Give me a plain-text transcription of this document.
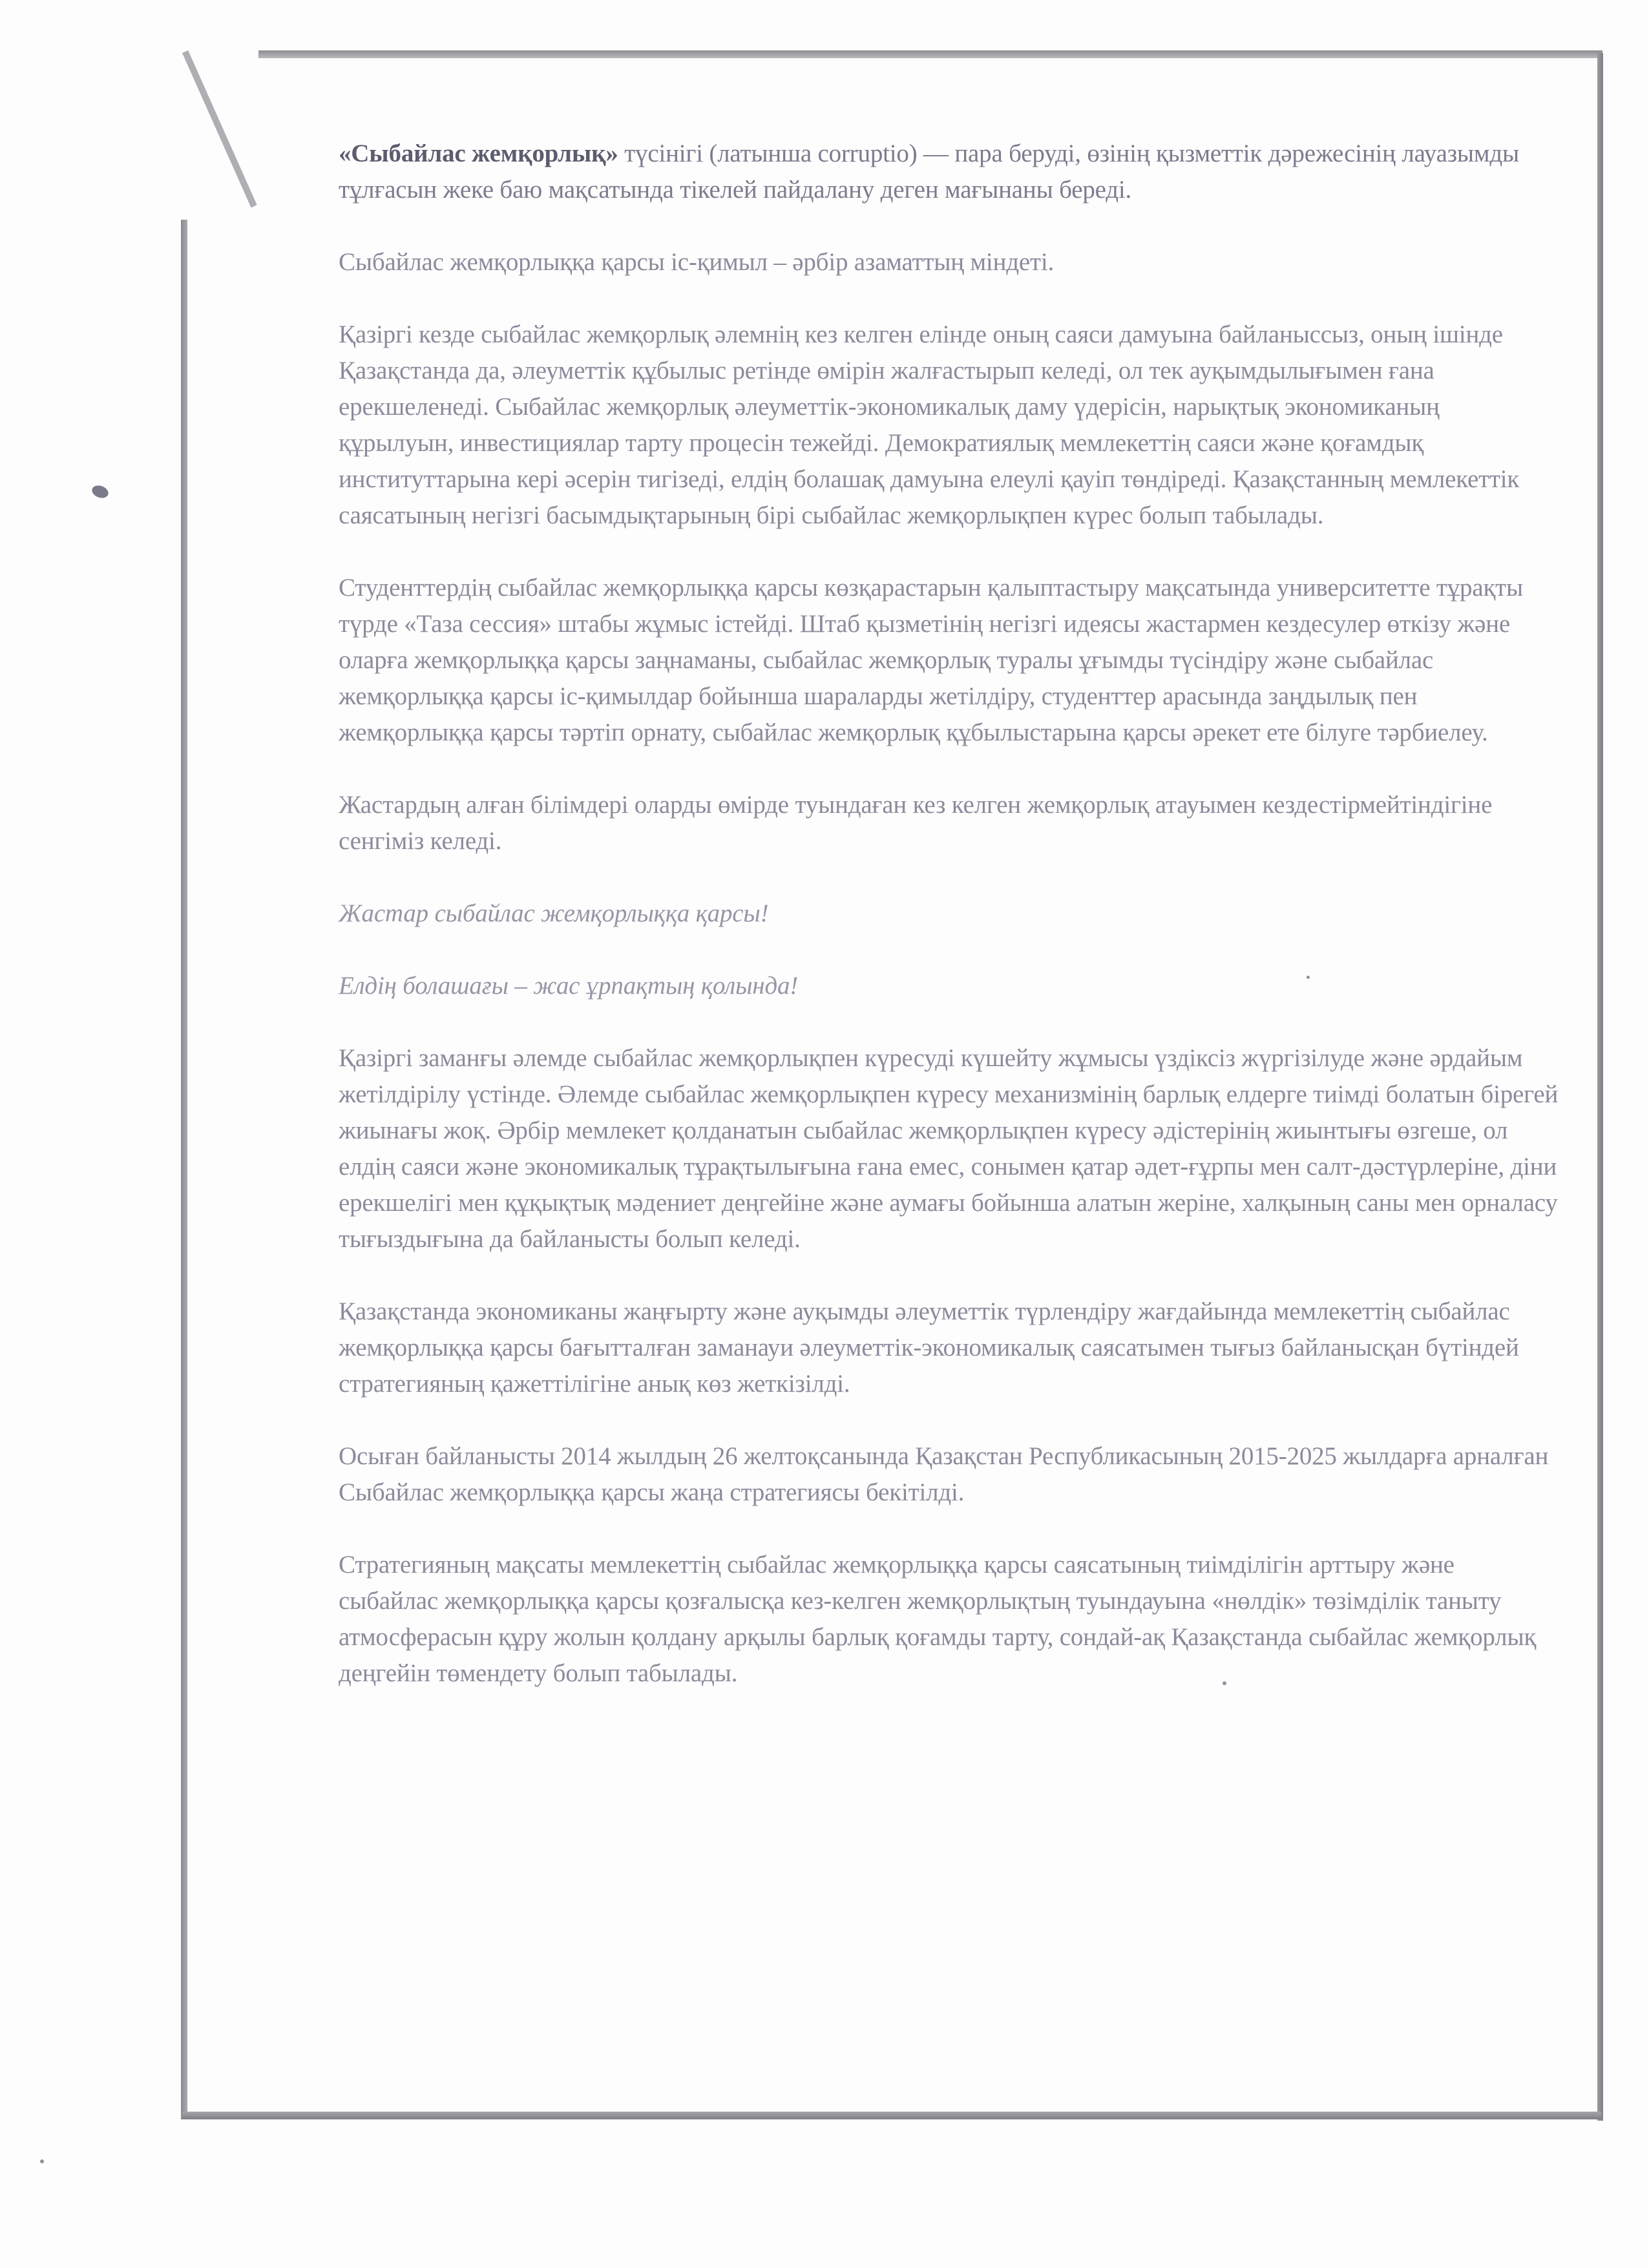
«Сыбайлас жемқорлық» түсінігі (латынша corruptio) — пара беруді, өзінің қызметтік дәрежесінің лауазымды тұлғасын жеке баю мақсатында тікелей пайдалану деген мағынаны береді.

Сыбайлас жемқорлыққа қарсы іс-қимыл – әрбір азаматтың міндеті.

Қазіргі кезде сыбайлас жемқорлық әлемнің кез келген елінде оның саяси дамуына байланыссыз, оның ішінде Қазақстанда да, әлеуметтік құбылыс ретінде өмірін жалғастырып келеді, ол тек ауқымдылығымен ғана ерекшеленеді. Сыбайлас жемқорлық әлеуметтік-экономикалық даму үдерісін, нарықтық экономиканың құрылуын, инвестициялар тарту процесін тежейді. Демократиялық мемлекеттің саяси және қоғамдық институттарына кері әсерін тигізеді, елдің болашақ дамуына елеулі қауіп төндіреді. Қазақстанның мемлекеттік саясатының негізгі басымдықтарының бірі сыбайлас жемқорлықпен күрес болып табылады.

Студенттердің сыбайлас жемқорлыққа қарсы көзқарастарын қалыптастыру мақсатында университетте тұрақты түрде «Таза сессия» штабы жұмыс істейді. Штаб қызметінің негізгі идеясы жастармен кездесулер өткізу және оларға жемқорлыққа қарсы заңнаманы, сыбайлас жемқорлық туралы ұғымды түсіндіру және сыбайлас жемқорлыққа қарсы іс-қимылдар бойынша шараларды жетілдіру, студенттер арасында заңдылық пен жемқорлыққа қарсы тәртіп орнату, сыбайлас жемқорлық құбылыстарына қарсы әрекет ете білуге тәрбиелеу.

Жастардың алған білімдері оларды өмірде туындаған кез келген жемқорлық атауымен кездестірмейтіндігіне сенгіміз келеді.

Жастар сыбайлас жемқорлыққа қарсы!

Елдің болашағы – жас ұрпақтың қолында!

Қазіргі заманғы әлемде сыбайлас жемқорлықпен күресуді күшейту жұмысы үздіксіз жүргізілуде және әрдайым жетілдірілу үстінде. Әлемде сыбайлас жемқорлықпен күресу механизмінің барлық елдерге тиімді болатын бірегей жиынағы жоқ. Әрбір мемлекет қолданатын сыбайлас жемқорлықпен күресу әдістерінің жиынтығы өзгеше, ол елдің саяси және экономикалық тұрақтылығына ғана емес, сонымен қатар әдет-ғұрпы мен салт-дәстүрлеріне, діни ерекшелігі мен құқықтық мәдениет деңгейіне және аумағы бойынша алатын жеріне, халқының саны мен орналасу тығыздығына да байланысты болып келеді.

Қазақстанда экономиканы жаңғырту және ауқымды әлеуметтік түрлендіру жағдайында мемлекеттің сыбайлас жемқорлыққа қарсы бағытталған заманауи әлеуметтік-экономикалық саясатымен тығыз байланысқан бүтіндей стратегияның қажеттілігіне анық көз жеткізілді.

Осыған байланысты 2014 жылдың 26 желтоқсанында Қазақстан Республикасының 2015-2025 жылдарға арналған Сыбайлас жемқорлыққа қарсы жаңа стратегиясы бекітілді.

Стратегияның мақсаты мемлекеттің сыбайлас жемқорлыққа қарсы саясатының тиімділігін арттыру және сыбайлас жемқорлыққа қарсы қозғалысқа кез-келген жемқорлықтың туындауына «нөлдік» төзімділік таныту атмосферасын құру жолын қолдану арқылы барлық қоғамды тарту, сондай-ақ Қазақстанда сыбайлас жемқорлық деңгейін төмендету болып табылады.
